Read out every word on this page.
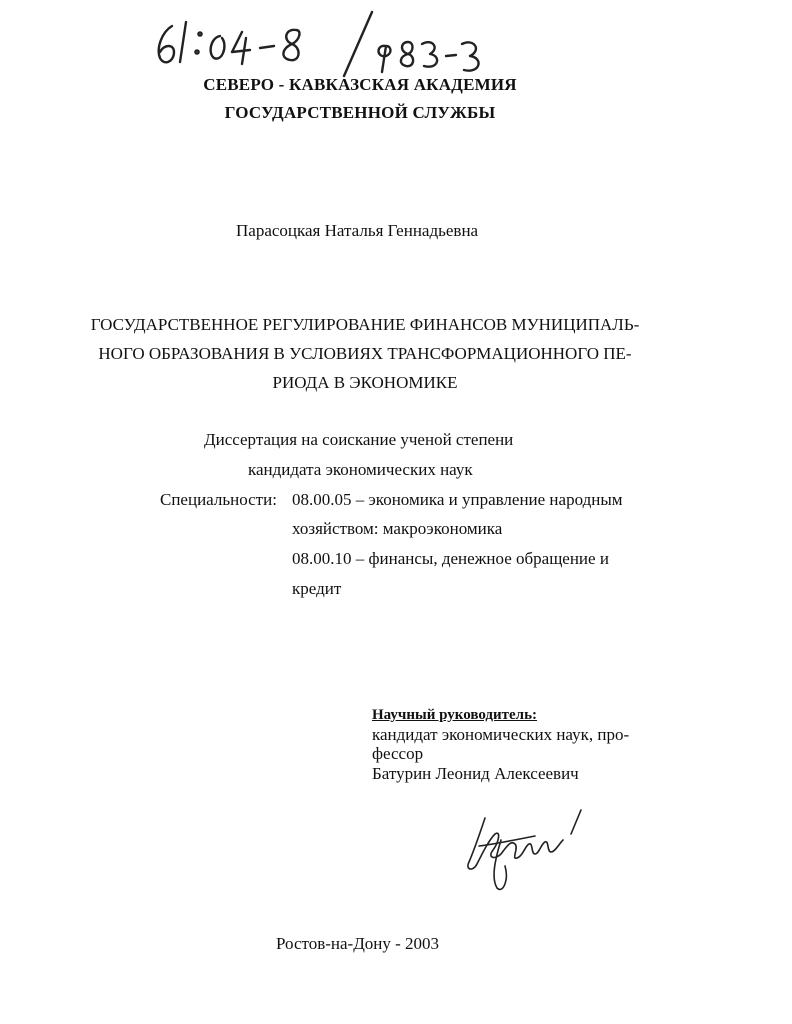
СЕВЕРО - КАВКАЗСКАЯ АКАДЕМИЯ
ГОСУДАРСТВЕННОЙ СЛУЖБЫ
Парасоцкая Наталья Геннадьевна
ГОСУДАРСТВЕННОЕ РЕГУЛИРОВАНИЕ ФИНАНСОВ МУНИЦИПАЛЬ-
НОГО ОБРАЗОВАНИЯ В УСЛОВИЯХ ТРАНСФОРМАЦИОННОГО ПЕ-
РИОДА В ЭКОНОМИКЕ
Диссертация на соискание ученой степени
кандидата экономических наук
Специальности: 08.00.05 – экономика и управление народным
хозяйством: макроэкономика
08.00.10 – финансы, денежное обращение и
кредит
Научный руководитель:
кандидат экономических наук, про-
фессор
Батурин Леонид Алексеевич
Ростов-на-Дону - 2003
